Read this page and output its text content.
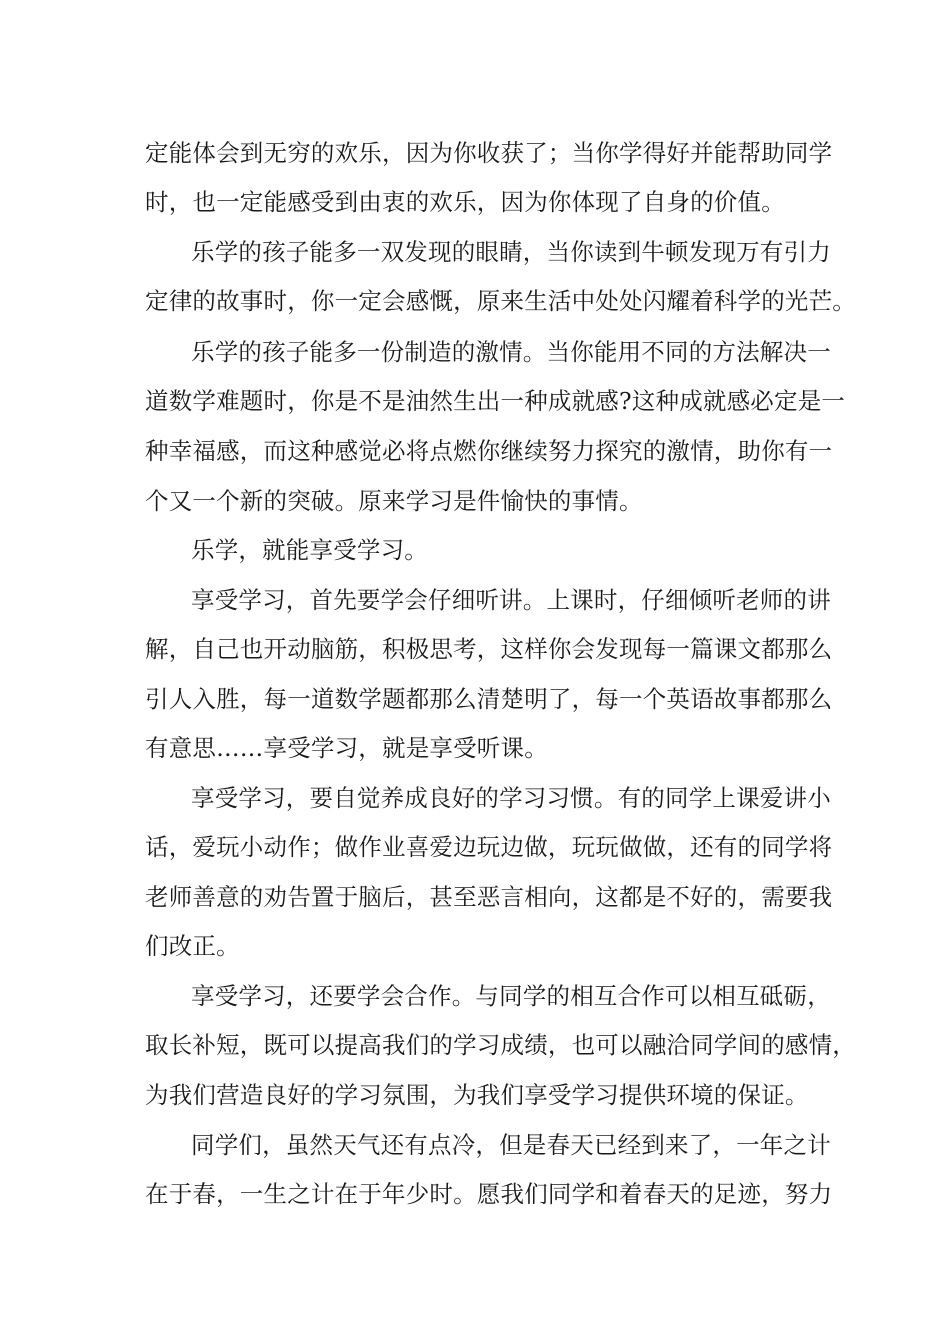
定能体会到无穷的欢乐，因为你收获了；当你学得好并能帮助同学
时，也一定能感受到由衷的欢乐，因为你体现了自身的价值。
乐学的孩子能多一双发现的眼睛，当你读到牛顿发现万有引力
定律的故事时，你一定会感慨，原来生活中处处闪耀着科学的光芒。
乐学的孩子能多一份制造的激情。当你能用不同的方法解决一
道数学难题时，你是不是油然生出一种成就感?这种成就感必定是一
种幸福感，而这种感觉必将点燃你继续努力探究的激情，助你有一
个又一个新的突破。原来学习是件愉快的事情。
乐学，就能享受学习。
享受学习，首先要学会仔细听讲。上课时，仔细倾听老师的讲
解，自己也开动脑筋，积极思考，这样你会发现每一篇课文都那么
引人入胜，每一道数学题都那么清楚明了，每一个英语故事都那么
有意思……享受学习，就是享受听课。
享受学习，要自觉养成良好的学习习惯。有的同学上课爱讲小
话，爱玩小动作；做作业喜爱边玩边做，玩玩做做，还有的同学将
老师善意的劝告置于脑后，甚至恶言相向，这都是不好的，需要我
们改正。
享受学习，还要学会合作。与同学的相互合作可以相互砥砺，
取长补短，既可以提高我们的学习成绩，也可以融洽同学间的感情，
为我们营造良好的学习氛围，为我们享受学习提供环境的保证。
同学们，虽然天气还有点冷，但是春天已经到来了，一年之计
在于春，一生之计在于年少时。愿我们同学和着春天的足迹，努力
